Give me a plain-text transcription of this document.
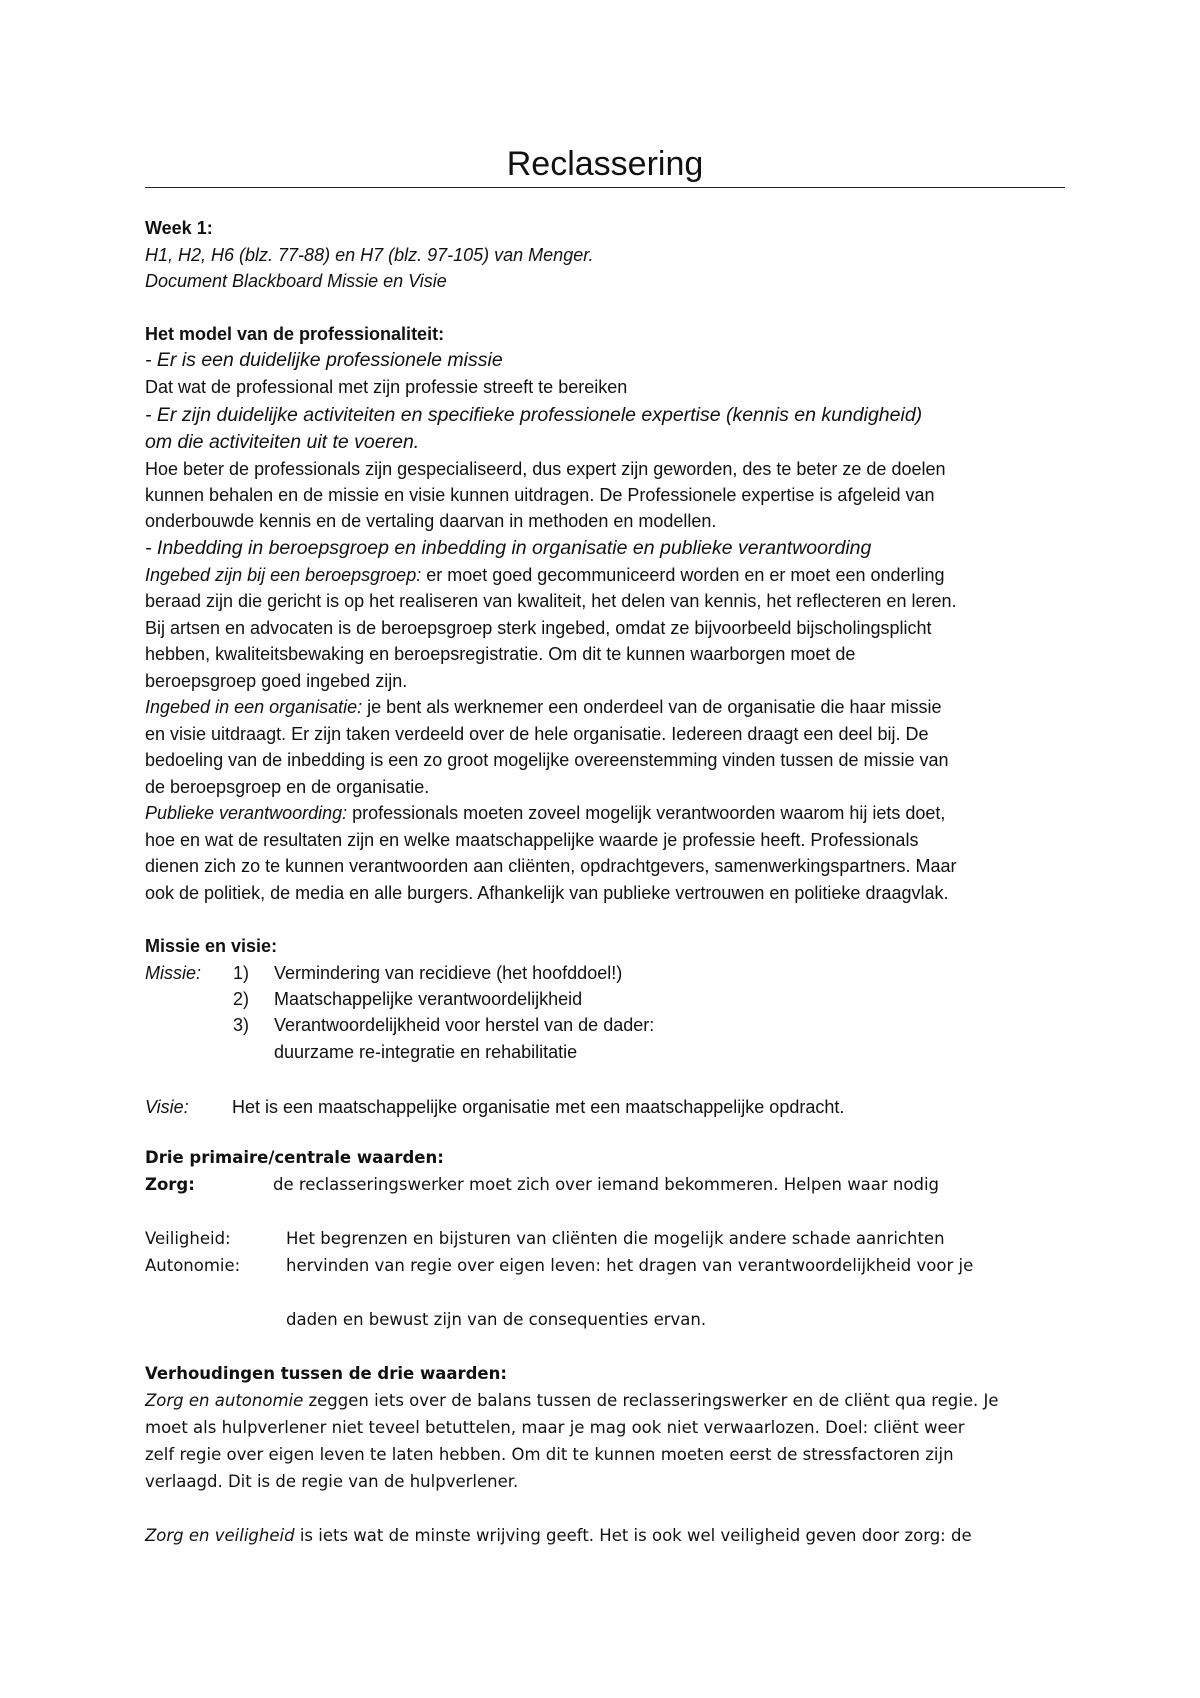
Reclassering
Week 1:
H1, H2, H6 (blz. 77-88) en H7 (blz. 97-105) van Menger.
Document Blackboard Missie en Visie
Het model van de professionaliteit:
- Er is een duidelijke professionele missie
Dat wat de professional met zijn professie streeft te bereiken
- Er zijn duidelijke activiteiten en specifieke professionele expertise (kennis en kundigheid)
om die activiteiten uit te voeren.
Hoe beter de professionals zijn gespecialiseerd, dus expert zijn geworden, des te beter ze de doelen
kunnen behalen en de missie en visie kunnen uitdragen. De Professionele expertise is afgeleid van
onderbouwde kennis en de vertaling daarvan in methoden en modellen.
- Inbedding in beroepsgroep en inbedding in organisatie en publieke verantwoording
Ingebed zijn bij een beroepsgroep: er moet goed gecommuniceerd worden en er moet een onderling
beraad zijn die gericht is op het realiseren van kwaliteit, het delen van kennis, het reflecteren en leren.
Bij artsen en advocaten is de beroepsgroep sterk ingebed, omdat ze bijvoorbeeld bijscholingsplicht
hebben, kwaliteitsbewaking en beroepsregistratie. Om dit te kunnen waarborgen moet de
beroepsgroep goed ingebed zijn.
Ingebed in een organisatie: je bent als werknemer een onderdeel van de organisatie die haar missie
en visie uitdraagt. Er zijn taken verdeeld over de hele organisatie. Iedereen draagt een deel bij. De
bedoeling van de inbedding is een zo groot mogelijke overeenstemming vinden tussen de missie van
de beroepsgroep en de organisatie.
Publieke verantwoording: professionals moeten zoveel mogelijk verantwoorden waarom hij iets doet,
hoe en wat de resultaten zijn en welke maatschappelijke waarde je professie heeft. Professionals
dienen zich zo te kunnen verantwoorden aan cliënten, opdrachtgevers, samenwerkingspartners. Maar
ook de politiek, de media en alle burgers. Afhankelijk van publieke vertrouwen en politieke draagvlak.
Missie en visie:
Missie: 1) Vermindering van recidieve (het hoofddoel!)
2) Maatschappelijke verantwoordelijkheid
3) Verantwoordelijkheid voor herstel van de dader:
duurzame re-integratie en rehabilitatie
Visie: Het is een maatschappelijke organisatie met een maatschappelijke opdracht.
Drie primaire/centrale waarden:
Zorg:	de reclasseringswerker moet zich over iemand bekommeren. Helpen waar nodig
Veiligheid:	Het begrenzen en bijsturen van cliënten die mogelijk andere schade aanrichten
Autonomie:	hervinden van regie over eigen leven: het dragen van verantwoordelijkheid voor je
daden en bewust zijn van de consequenties ervan.
Verhoudingen tussen de drie waarden:
Zorg en autonomie zeggen iets over de balans tussen de reclasseringswerker en de cliënt qua regie. Je
moet als hulpverlener niet teveel betuttelen, maar je mag ook niet verwaarlozen. Doel: cliënt weer
zelf regie over eigen leven te laten hebben. Om dit te kunnen moeten eerst de stressfactoren zijn
verlaagd. Dit is de regie van de hulpverlener.
Zorg en veiligheid is iets wat de minste wrijving geeft. Het is ook wel veiligheid geven door zorg: de
